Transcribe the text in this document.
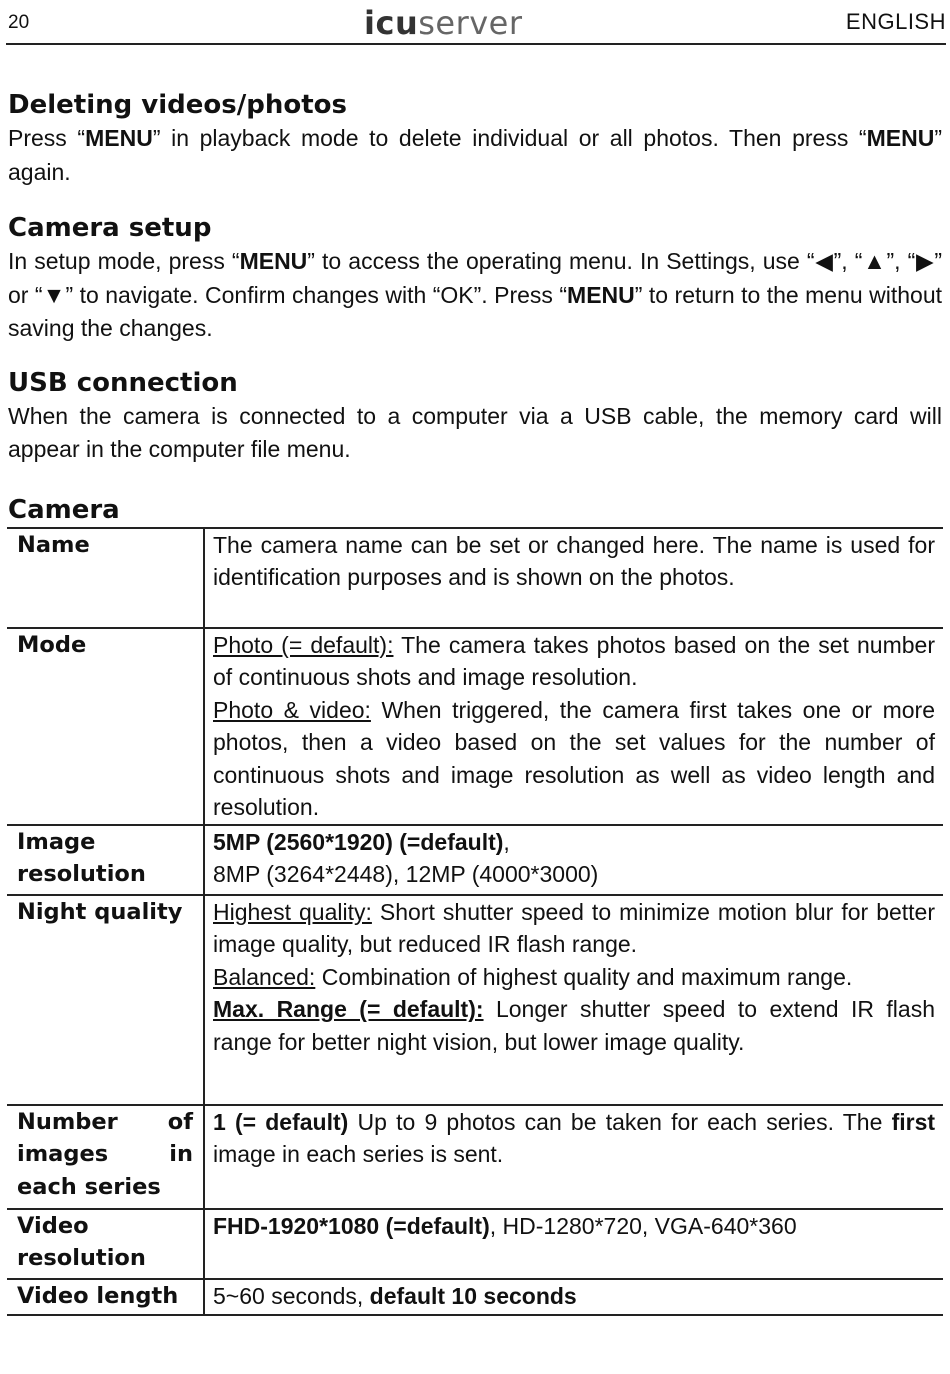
20	icuserver	ENGLISH
Deleting videos/photos

Press “MENU” in playback mode to delete individual or all photos. Then press “MENU” again.

Camera setup

In setup mode, press “MENU” to access the operating menu. In Settings, use “◀”, “▲”, “▶” or “▼” to navigate. Confirm changes with “OK”. Press “MENU” to return to the menu without saving the changes.

USB connection

When the camera is connected to a computer via a USB cable, the memory card will appear in the computer file menu.

Camera
Name	The camera name can be set or changed here. The name is used for identification purposes and is shown on the photos.
Mode	Photo (= default): The camera takes photos based on the set number of continuous shots and image resolution.
Photo & video: When triggered, the camera first takes one or more photos, then a video based on the set values for the number of continuous shots and image resolution as well as video length and resolution.

Image
resolution	5MP (2560*1920) (=default),
8MP (3264*2448), 12MP (4000*3000)

Night quality	Highest quality: Short shutter speed to minimize motion blur for better image quality, but reduced IR flash range.
Balanced: Combination of highest quality and maximum range.
Max. Range (= default): Longer shutter speed to extend IR flash range for better night vision, but lower image quality.

Number of
images in
each series	1 (= default) Up to 9 photos can be taken for each series. The first image in each series is sent.

Video
resolution	FHD-1920*1080 (=default), HD-1280*720, VGA-640*360
Video length	5~60 seconds, default 10 seconds
